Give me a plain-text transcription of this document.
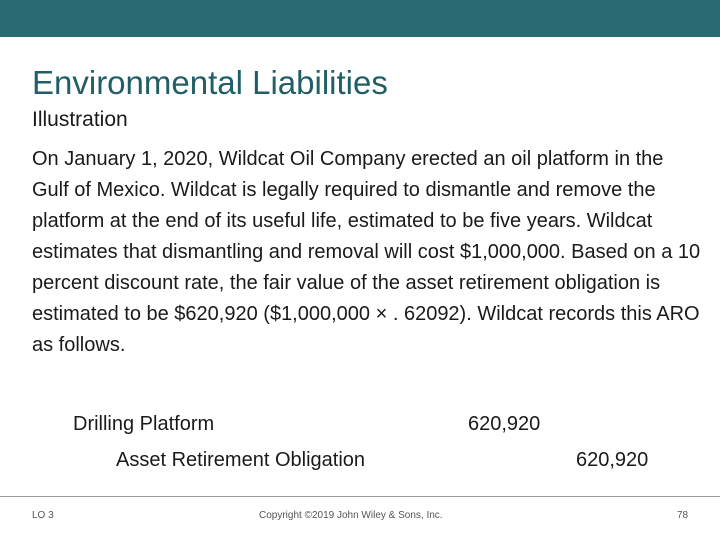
Environmental Liabilities
Illustration
On January 1, 2020, Wildcat Oil Company erected an oil platform in the Gulf of Mexico. Wildcat is legally required to dismantle and remove the platform at the end of its useful life, estimated to be five years. Wildcat estimates that dismantling and removal will cost $1,000,000. Based on a 10 percent discount rate, the fair value of the asset retirement obligation is estimated to be $620,920 ($1,000,000 × . 62092). Wildcat records this ARO as follows.
Drilling Platform	620,920
Asset Retirement Obligation	620,920
LO 3	Copyright ©2019 John Wiley & Sons, Inc.	78
